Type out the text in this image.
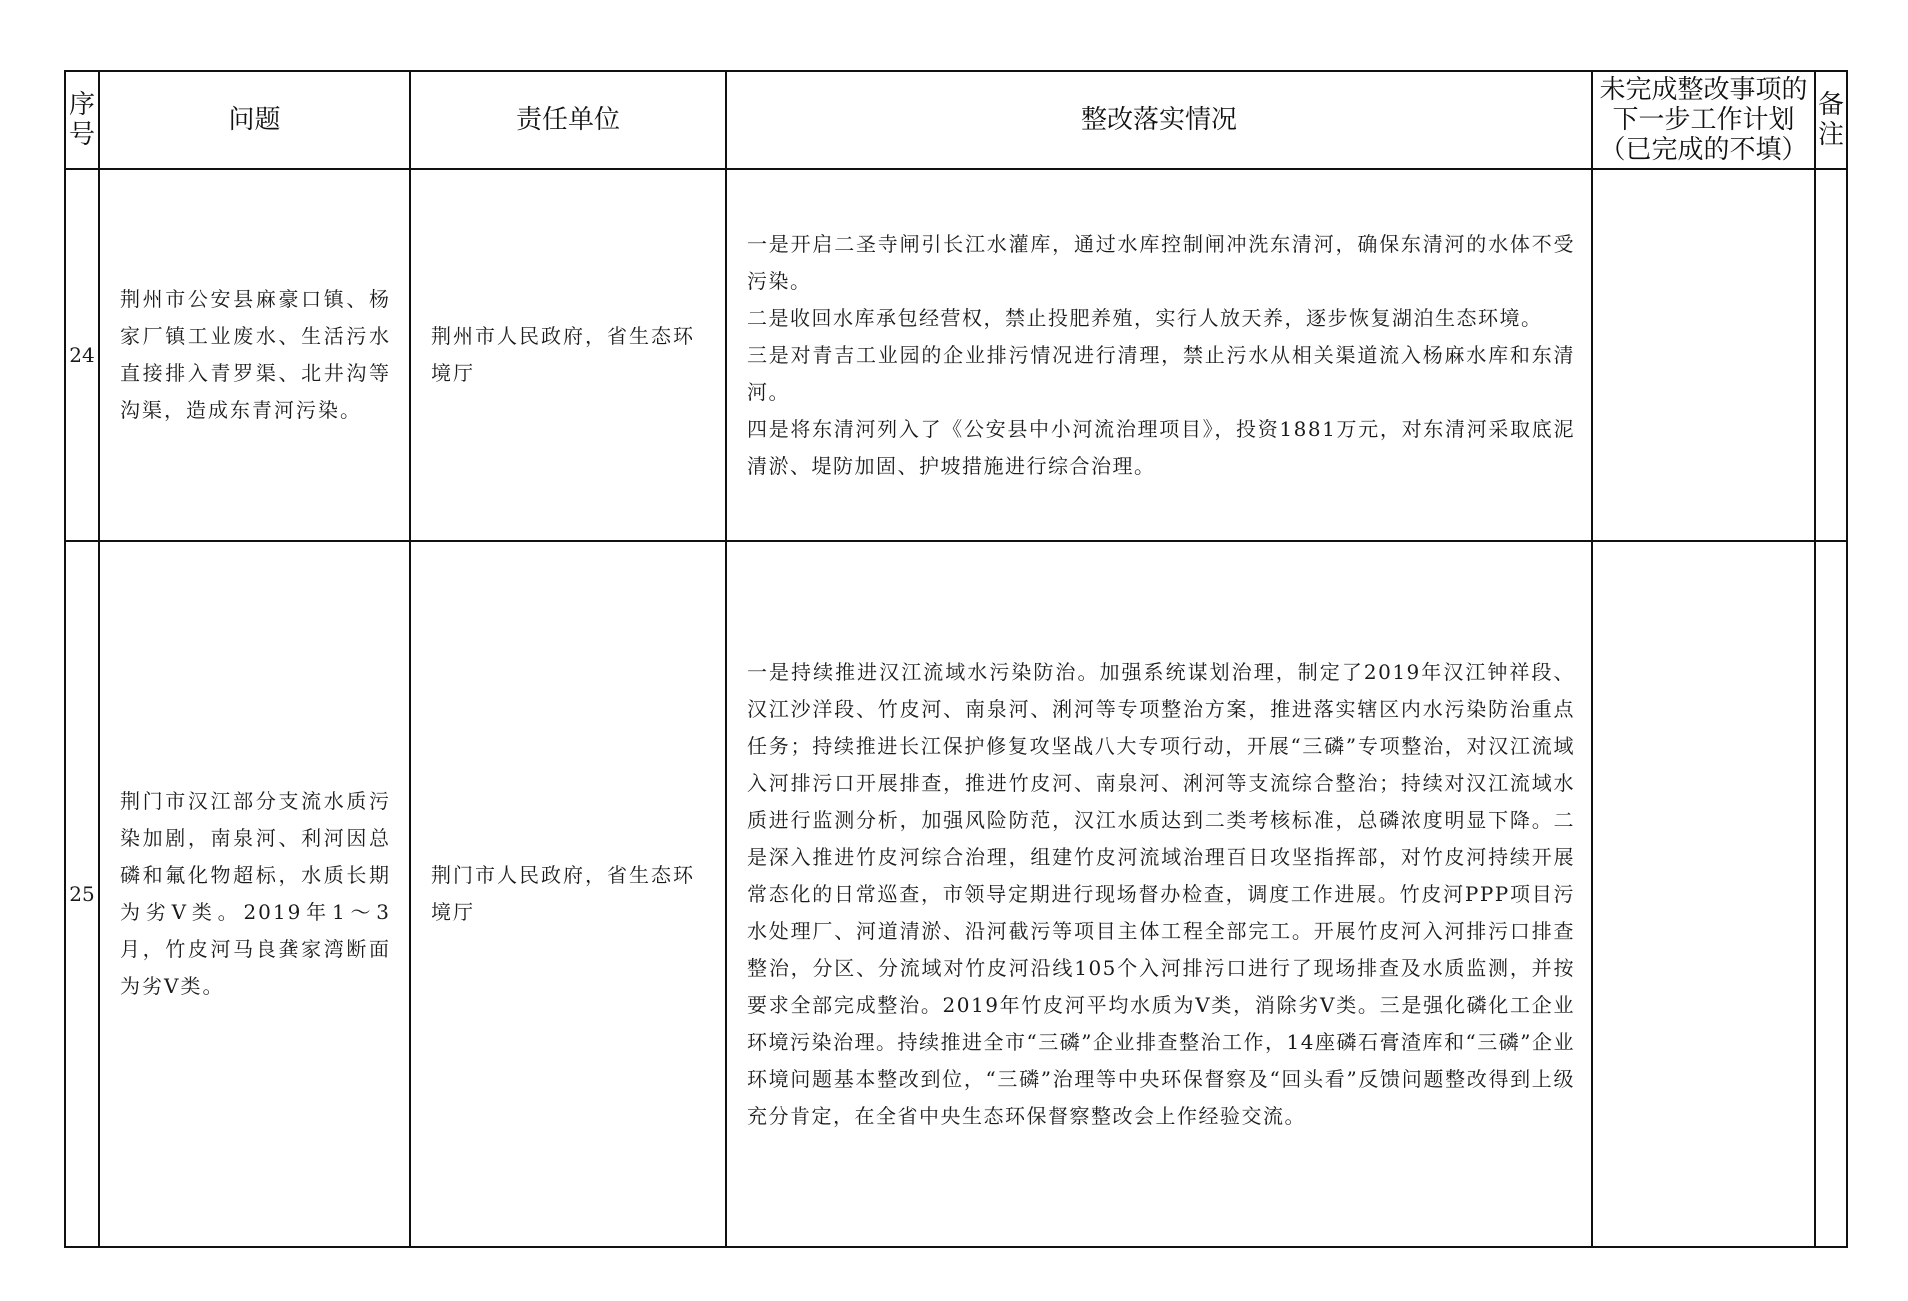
序号	问题	责任单位	整改落实情况	未完成整改事项的
下一步工作计划
（已完成的不填）	备注

24	荆州市公安县麻豪口镇、杨家厂镇工业废水、生活污水直接排入青罗渠、北井沟等沟渠，造成东青河污染。	荆州市人民政府，省生态环境厅	一是开启二圣寺闸引长江水灌库，通过水库控制闸冲洗东清河，确保东清河的水体不受污染。

二是收回水库承包经营权，禁止投肥养殖，实行人放天养，逐步恢复湖泊生态环境。

三是对青吉工业园的企业排污情况进行清理，禁止污水从相关渠道流入杨麻水库和东清河。

四是将东清河列入了《公安县中小河流治理项目》，投资1881万元，对东清河采取底泥清淤、堤防加固、护坡措施进行综合治理。		

25	荆门市汉江部分支流水质污染加剧，南泉河、利河因总磷和氟化物超标，水质长期为劣Ⅴ类。2019年1～3月，竹皮河马良龚家湾断面为劣Ⅴ类。	荆门市人民政府，省生态环境厅	一是持续推进汉江流域水污染防治。加强系统谋划治理，制定了2019年汉江钟祥段、汉江沙洋段、竹皮河、南泉河、浰河等专项整治方案，推进落实辖区内水污染防治重点任务；持续推进长江保护修复攻坚战八大专项行动，开展“三磷”专项整治，对汉江流域入河排污口开展排查，推进竹皮河、南泉河、浰河等支流综合整治；持续对汉江流域水质进行监测分析，加强风险防范，汉江水质达到二类考核标准，总磷浓度明显下降。二是深入推进竹皮河综合治理，组建竹皮河流域治理百日攻坚指挥部，对竹皮河持续开展常态化的日常巡查，市领导定期进行现场督办检查，调度工作进展。竹皮河PPP项目污水处理厂、河道清淤、沿河截污等项目主体工程全部完工。开展竹皮河入河排污口排查整治，分区、分流域对竹皮河沿线105个入河排污口进行了现场排查及水质监测，并按要求全部完成整治。2019年竹皮河平均水质为Ⅴ类，消除劣Ⅴ类。三是强化磷化工企业环境污染治理。持续推进全市“三磷”企业排查整治工作，14座磷石膏渣库和“三磷”企业环境问题基本整改到位，“三磷”治理等中央环保督察及“回头看”反馈问题整改得到上级充分肯定，在全省中央生态环保督察整改会上作经验交流。		
